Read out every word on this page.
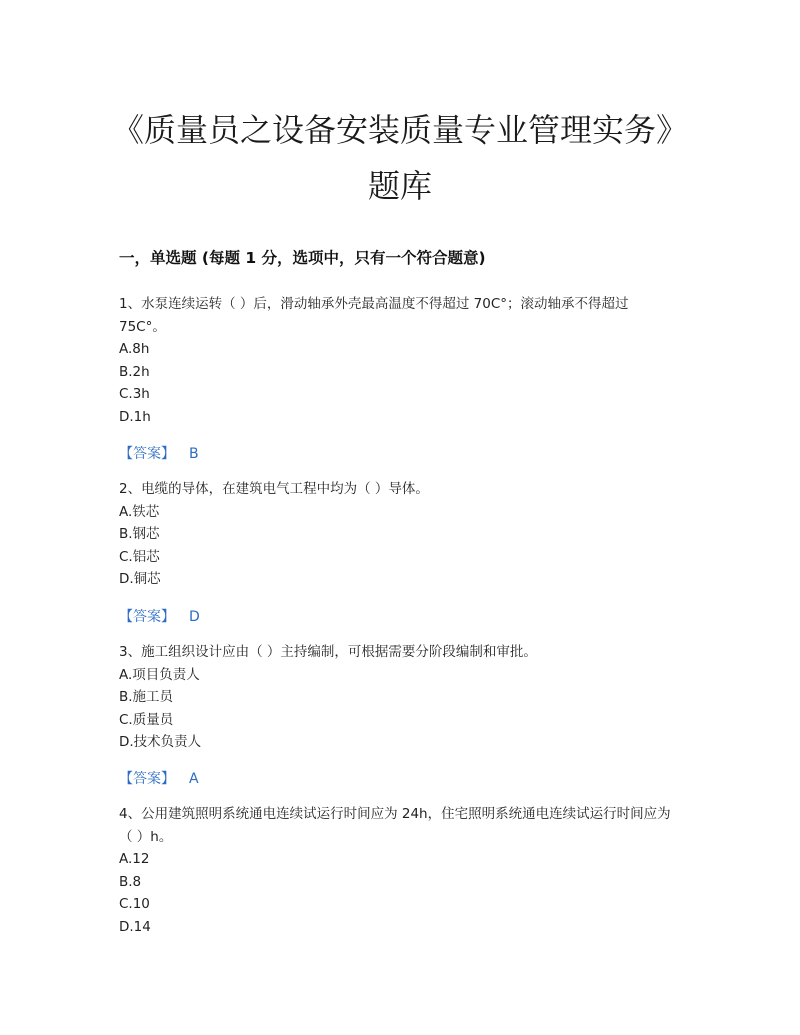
《质量员之设备安装质量专业管理实务》题库
一，单选题 (每题 1 分，选项中，只有一个符合题意)

1、水泵连续运转（ ）后，滑动轴承外壳最高温度不得超过 70C°；滚动轴承不得超过 75C°。

A.8h

B.2h

C.3h

D.1h

【答案】 B

2、电缆的导体，在建筑电气工程中均为（ ）导体。

A.铁芯

B.钢芯

C.铝芯

D.铜芯

【答案】 D

3、施工组织设计应由（ ）主持编制，可根据需要分阶段编制和审批。

A.项目负责人

B.施工员

C.质量员

D.技术负责人

【答案】 A

4、公用建筑照明系统通电连续试运行时间应为 24h，住宅照明系统通电连续试运行时间应为（ ）h。

A.12

B.8

C.10

D.14
